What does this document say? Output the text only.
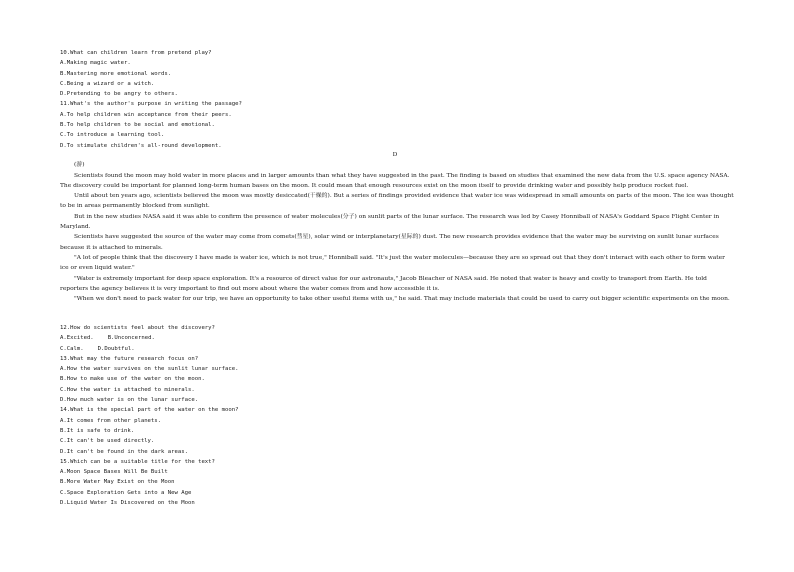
10.What can children learn from pretend play?
A.Making magic water.
B.Mastering more emotional words.
C.Being a wizard or a witch.
D.Pretending to be angry to others.
11.What's the author's purpose in writing the passage?
A.To help children win acceptance from their peers.
B.To help children to be social and emotional.
C.To introduce a learning tool.
D.To stimulate children's all-round development.
D
(游)
Scientists found the moon may hold water in more places and in larger amounts than what they have suggested in the past. The finding is based on studies that examined the new data from the U.S. space agency NASA. The discovery could be important for planned long-term human bases on the moon. It could mean that enough resources exist on the moon itself to provide drinking water and possibly help produce rocket fuel.
Until about ten years ago, scientists believed the moon was mostly desiccated(干燥的). But a series of findings provided evidence that water ice was widespread in small amounts on parts of the moon. The ice was thought to be in areas permanently blocked from sunlight.
But in the new studies NASA said it was able to confirm the presence of water molecules(分子) on sunlit parts of the lunar surface. The research was led by Casey Honniball of NASA's Goddard Space Flight Center in Maryland.
Scientists have suggested the source of the water may come from comets(彗星), solar wind or interplanetary(星际的) dust. The new research provides evidence that the water may be surviving on sunlit lunar surfaces because it is attached to minerals.
"A lot of people think that the discovery I have made is water ice, which is not true," Honniball said. "It's just the water molecules—because they are so spread out that they don't interact with each other to form water ice or even liquid water."
"Water is extremely important for deep space exploration. It's a resource of direct value for our astronauts," Jacob Bleacher of NASA said. He noted that water is heavy and costly to transport from Earth. He told reporters the agency believes it is very important to find out more about where the water comes from and how accessible it is.
"When we don't need to pack water for our trip, we have an opportunity to take other useful items with us," he said. That may include materials that could be used to carry out bigger scientific experiments on the moon.
12.How do scientists feel about the discovery?
A.Excited.	B.Unconcerned.
C.Calm.	D.Doubtful.
13.What may the future research focus on?
A.How the water survives on the sunlit lunar surface.
B.How to make use of the water on the moon.
C.How the water is attached to minerals.
D.How much water is on the lunar surface.
14.What is the special part of the water on the moon?
A.It comes from other planets.
B.It is safe to drink.
C.It can't be used directly.
D.It can't be found in the dark areas.
15.Which can be a suitable title for the text?
A.Moon Space Bases Will Be Built
B.More Water May Exist on the Moon
C.Space Exploration Gets into a New Age
D.Liquid Water Is Discovered on the Moon
